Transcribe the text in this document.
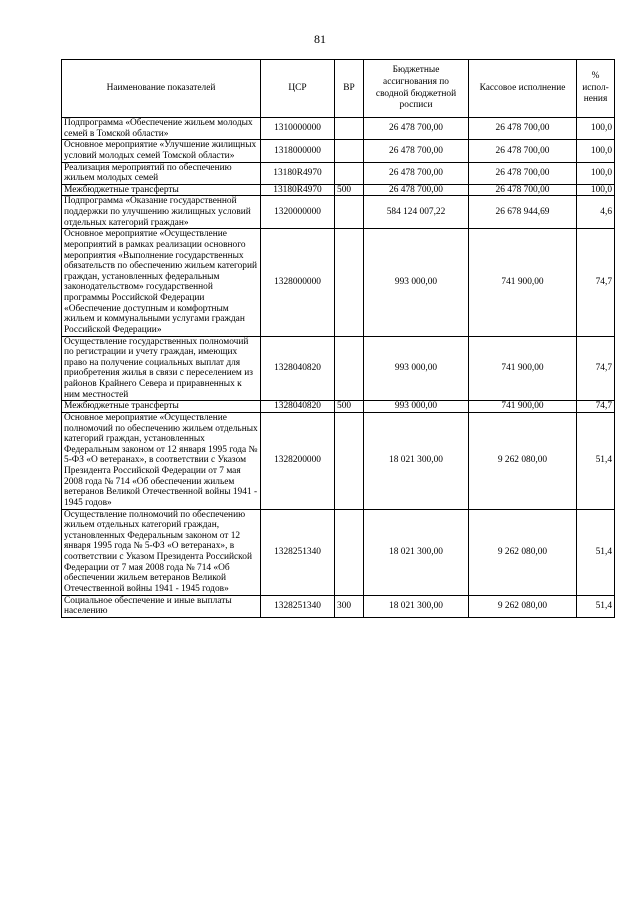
81
Наименование показателей	ЦСР	ВР	Бюджетные ассигнования по сводной бюджетной росписи	Кассовое исполнение	% испол-нения
Подпрограмма «Обеспечение жильем молодых семей в Томской области»	1310000000		26 478 700,00	26 478 700,00	100,0
Основное мероприятие «Улучшение жилищных условий молодых семей Томской области»	1318000000		26 478 700,00	26 478 700,00	100,0
Реализация мероприятий по обеспечению жильем молодых семей	13180R4970		26 478 700,00	26 478 700,00	100,0
Межбюджетные трансферты	13180R4970	500	26 478 700,00	26 478 700,00	100,0
Подпрограмма «Оказание государственной поддержки по улучшению жилищных условий отдельных категорий граждан»	1320000000		584 124 007,22	26 678 944,69	4,6
Основное мероприятие «Осуществление мероприятий в рамках реализации основного мероприятия «Выполнение государственных обязательств по обеспечению жильем категорий граждан, установленных федеральным законодательством» государственной программы Российской Федерации «Обеспечение доступным и комфортным жильем и коммунальными услугами граждан Российской Федерации»	1328000000		993 000,00	741 900,00	74,7
Осуществление государственных полномочий по регистрации и учету граждан, имеющих право на получение социальных выплат для приобретения жилья в связи с переселением из районов Крайнего Севера и приравненных к ним местностей	1328040820		993 000,00	741 900,00	74,7
Межбюджетные трансферты	1328040820	500	993 000,00	741 900,00	74,7
Основное мероприятие «Осуществление полномочий по обеспечению жильем отдельных категорий граждан, установленных Федеральным законом от 12 января 1995 года № 5-ФЗ «О ветеранах», в соответствии с Указом Президента Российской Федерации от 7 мая 2008 года № 714 «Об обеспечении жильем ветеранов Великой Отечественной войны 1941 - 1945 годов»	1328200000		18 021 300,00	9 262 080,00	51,4
Осуществление полномочий по обеспечению жильем отдельных категорий граждан, установленных Федеральным законом от 12 января 1995 года № 5-ФЗ «О ветеранах», в соответствии с Указом Президента Российской Федерации от 7 мая 2008 года № 714 «Об обеспечении жильем ветеранов Великой Отечественной войны 1941 - 1945 годов»	1328251340		18 021 300,00	9 262 080,00	51,4
Социальное обеспечение и иные выплаты населению	1328251340	300	18 021 300,00	9 262 080,00	51,4
